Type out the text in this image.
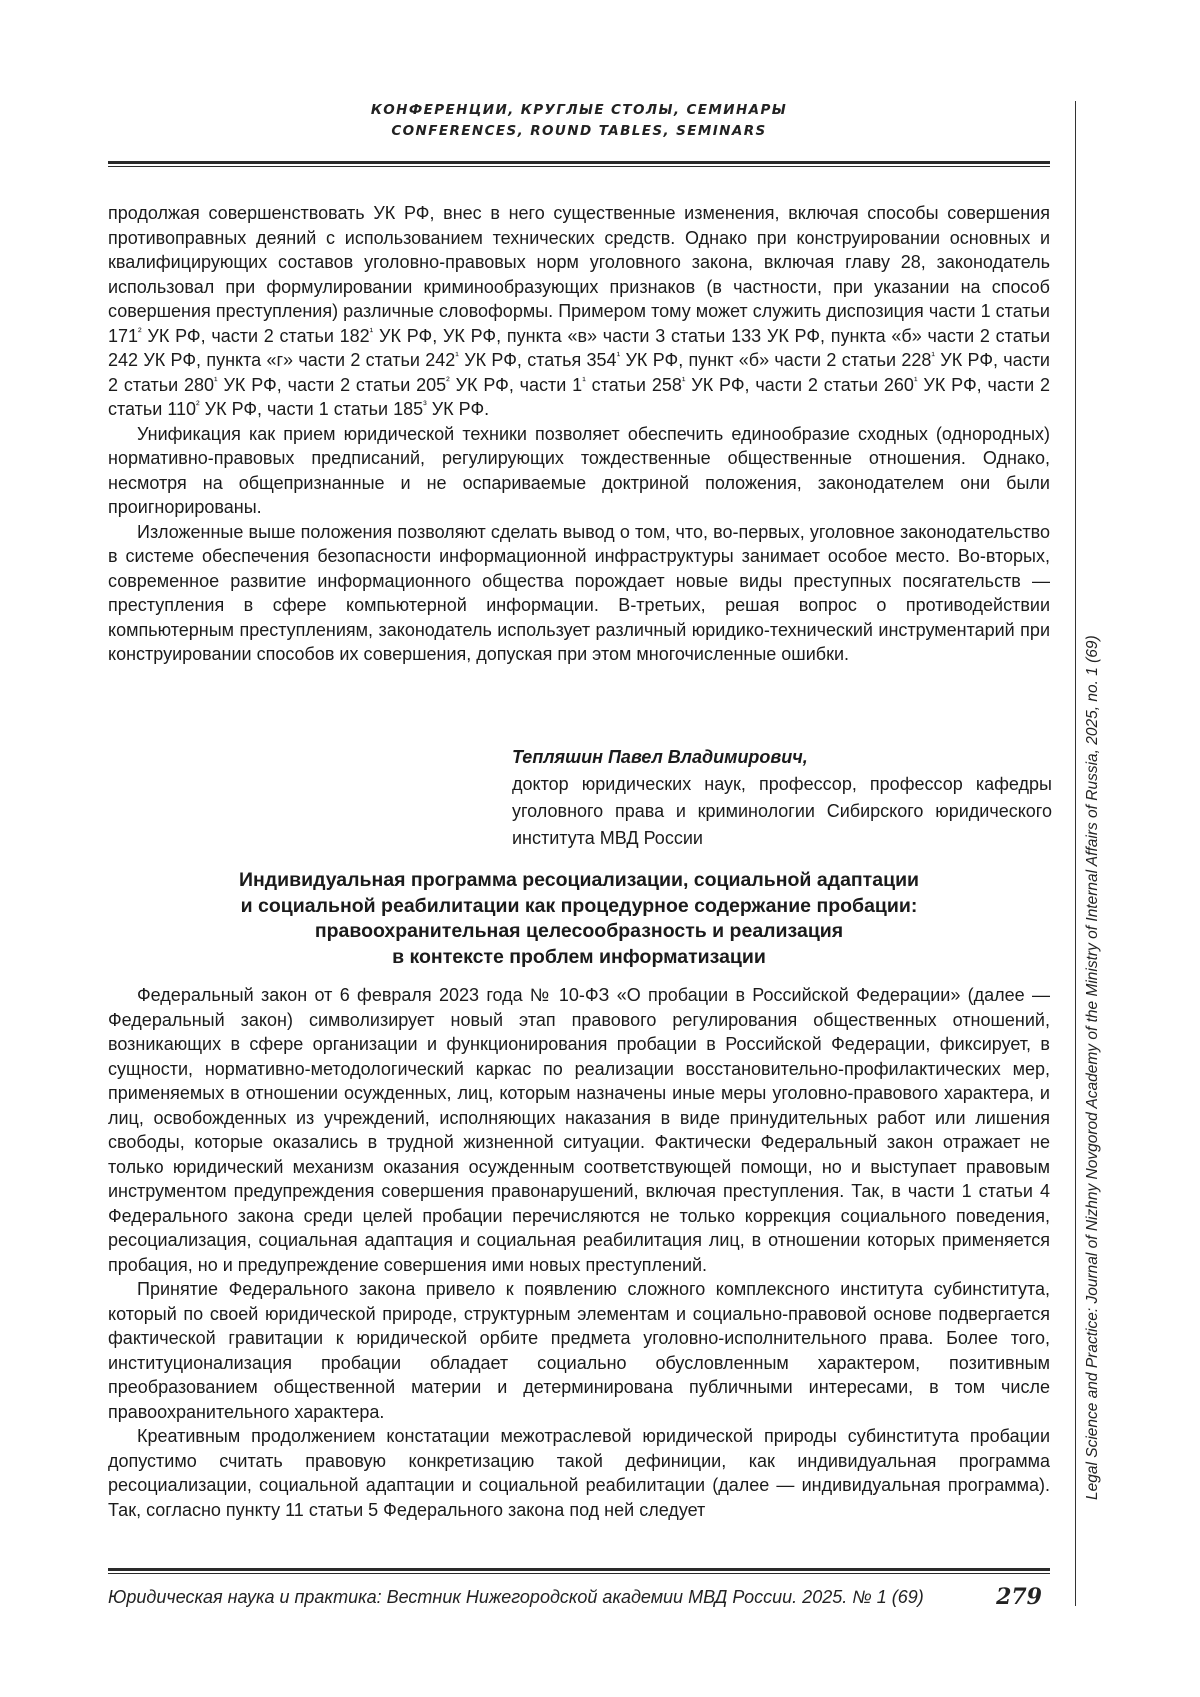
КОНФЕРЕНЦИИ, КРУГЛЫЕ СТОЛЫ, СЕМИНАРЫ
CONFERENCES, ROUND TABLES, SEMINARS
Legal Science and Practice: Journal of Nizhny Novgorod Academy of the Ministry of Internal Affairs of Russia, 2025, no. 1 (69)

продолжая совершенствовать УК РФ, внес в него существенные изменения, включая способы совершения противоправных деяний с использованием технических средств. Однако при конструировании основных и квалифицирующих составов уголовно-правовых норм уголовного закона, включая главу 28, законодатель использовал при формулировании криминообразующих признаков (в частности, при указании на способ совершения преступления) различные словоформы. Примером тому может служить диспозиция части 1 статьи $171^{^2}$ УК РФ, части 2 статьи $182^{^1}$ УК РФ, УК РФ, пункта «в» части 3 статьи 133 УК РФ, пункта «б» части 2 статьи 242 УК РФ, пункта «г» части 2 статьи $242^{^1}$ УК РФ, статья $354^{^1}$ УК РФ, пункт «б» части 2 статьи $228^{^1}$ УК РФ, части 2 статьи $280^{^1}$ УК РФ, части 2 статьи $205^{^2}$ УК РФ, части $1^{^1}$ статьи $258^{^1}$ УК РФ, части 2 статьи $260^{^1}$ УК РФ, части 2 статьи $110^{^2}$ УК РФ, части 1 статьи $185^{^3}$ УК РФ.

Унификация как прием юридической техники позволяет обеспечить единообразие сходных (однородных) нормативно-правовых предписаний, регулирующих тождественные общественные отношения. Однако, несмотря на общепризнанные и не оспариваемые доктриной положения, законодателем они были проигнорированы.

Изложенные выше положения позволяют сделать вывод о том, что, во-первых, уголовное законодательство в системе обеспечения безопасности информационной инфраструктуры занимает особое место. Во-вторых, современное развитие информационного общества порождает новые виды преступных посягательств — преступления в сфере компьютерной информации. В-третьих, решая вопрос о противодействии компьютерным преступлениям, законодатель использует различный юридико-технический инструментарий при конструировании способов их совершения, допуская при этом многочисленные ошибки.

Тепляшин Павел Владимирович,
доктор юридических наук, профессор, профессор кафедры уголовного права и криминологии Сибирского юридического института МВД России
Индивидуальная программа ресоциализации, социальной адаптации
и социальной реабилитации как процедурное содержание пробации:
правоохранительная целесообразность и реализация
в контексте проблем информатизации

Федеральный закон от 6 февраля 2023 года № 10-ФЗ «О пробации в Российской Федерации» (далее — Федеральный закон) символизирует новый этап правового регулирования общественных отношений, возникающих в сфере организации и функционирования пробации в Российской Федерации, фиксирует, в сущности, нормативно-методологический каркас по реализации восстановительно-профилактических мер, применяемых в отношении осужденных, лиц, которым назначены иные меры уголовно-правового характера, и лиц, освобожденных из учреждений, исполняющих наказания в виде принудительных работ или лишения свободы, которые оказались в трудной жизненной ситуации. Фактически Федеральный закон отражает не только юридический механизм оказания осужденным соответствующей помощи, но и выступает правовым инструментом предупреждения совершения правонарушений, включая преступления. Так, в части 1 статьи 4 Федерального закона среди целей пробации перечисляются не только коррекция социального поведения, ресоциализация, социальная адаптация и социальная реабилитация лиц, в отношении которых применяется пробация, но и предупреждение совершения ими новых преступлений.

Принятие Федерального закона привело к появлению сложного комплексного института субинститута, который по своей юридической природе, структурным элементам и социально-правовой основе подвергается фактической гравитации к юридической орбите предмета уголовно-исполнительного права. Более того, институционализация пробации обладает социально обусловленным характером, позитивным преобразованием общественной материи и детерминирована публичными интересами, в том числе правоохранительного характера.

Креативным продолжением констатации межотраслевой юридической природы субинститута пробации допустимо считать правовую конкретизацию такой дефиниции, как индивидуальная программа ресоциализации, социальной адаптации и социальной реабилитации (далее — индивидуальная программа). Так, согласно пункту 11 статьи 5 Федерального закона под ней следует

Юридическая наука и практика: Вестник Нижегородской академии МВД России. 2025. № 1 (69)	279
